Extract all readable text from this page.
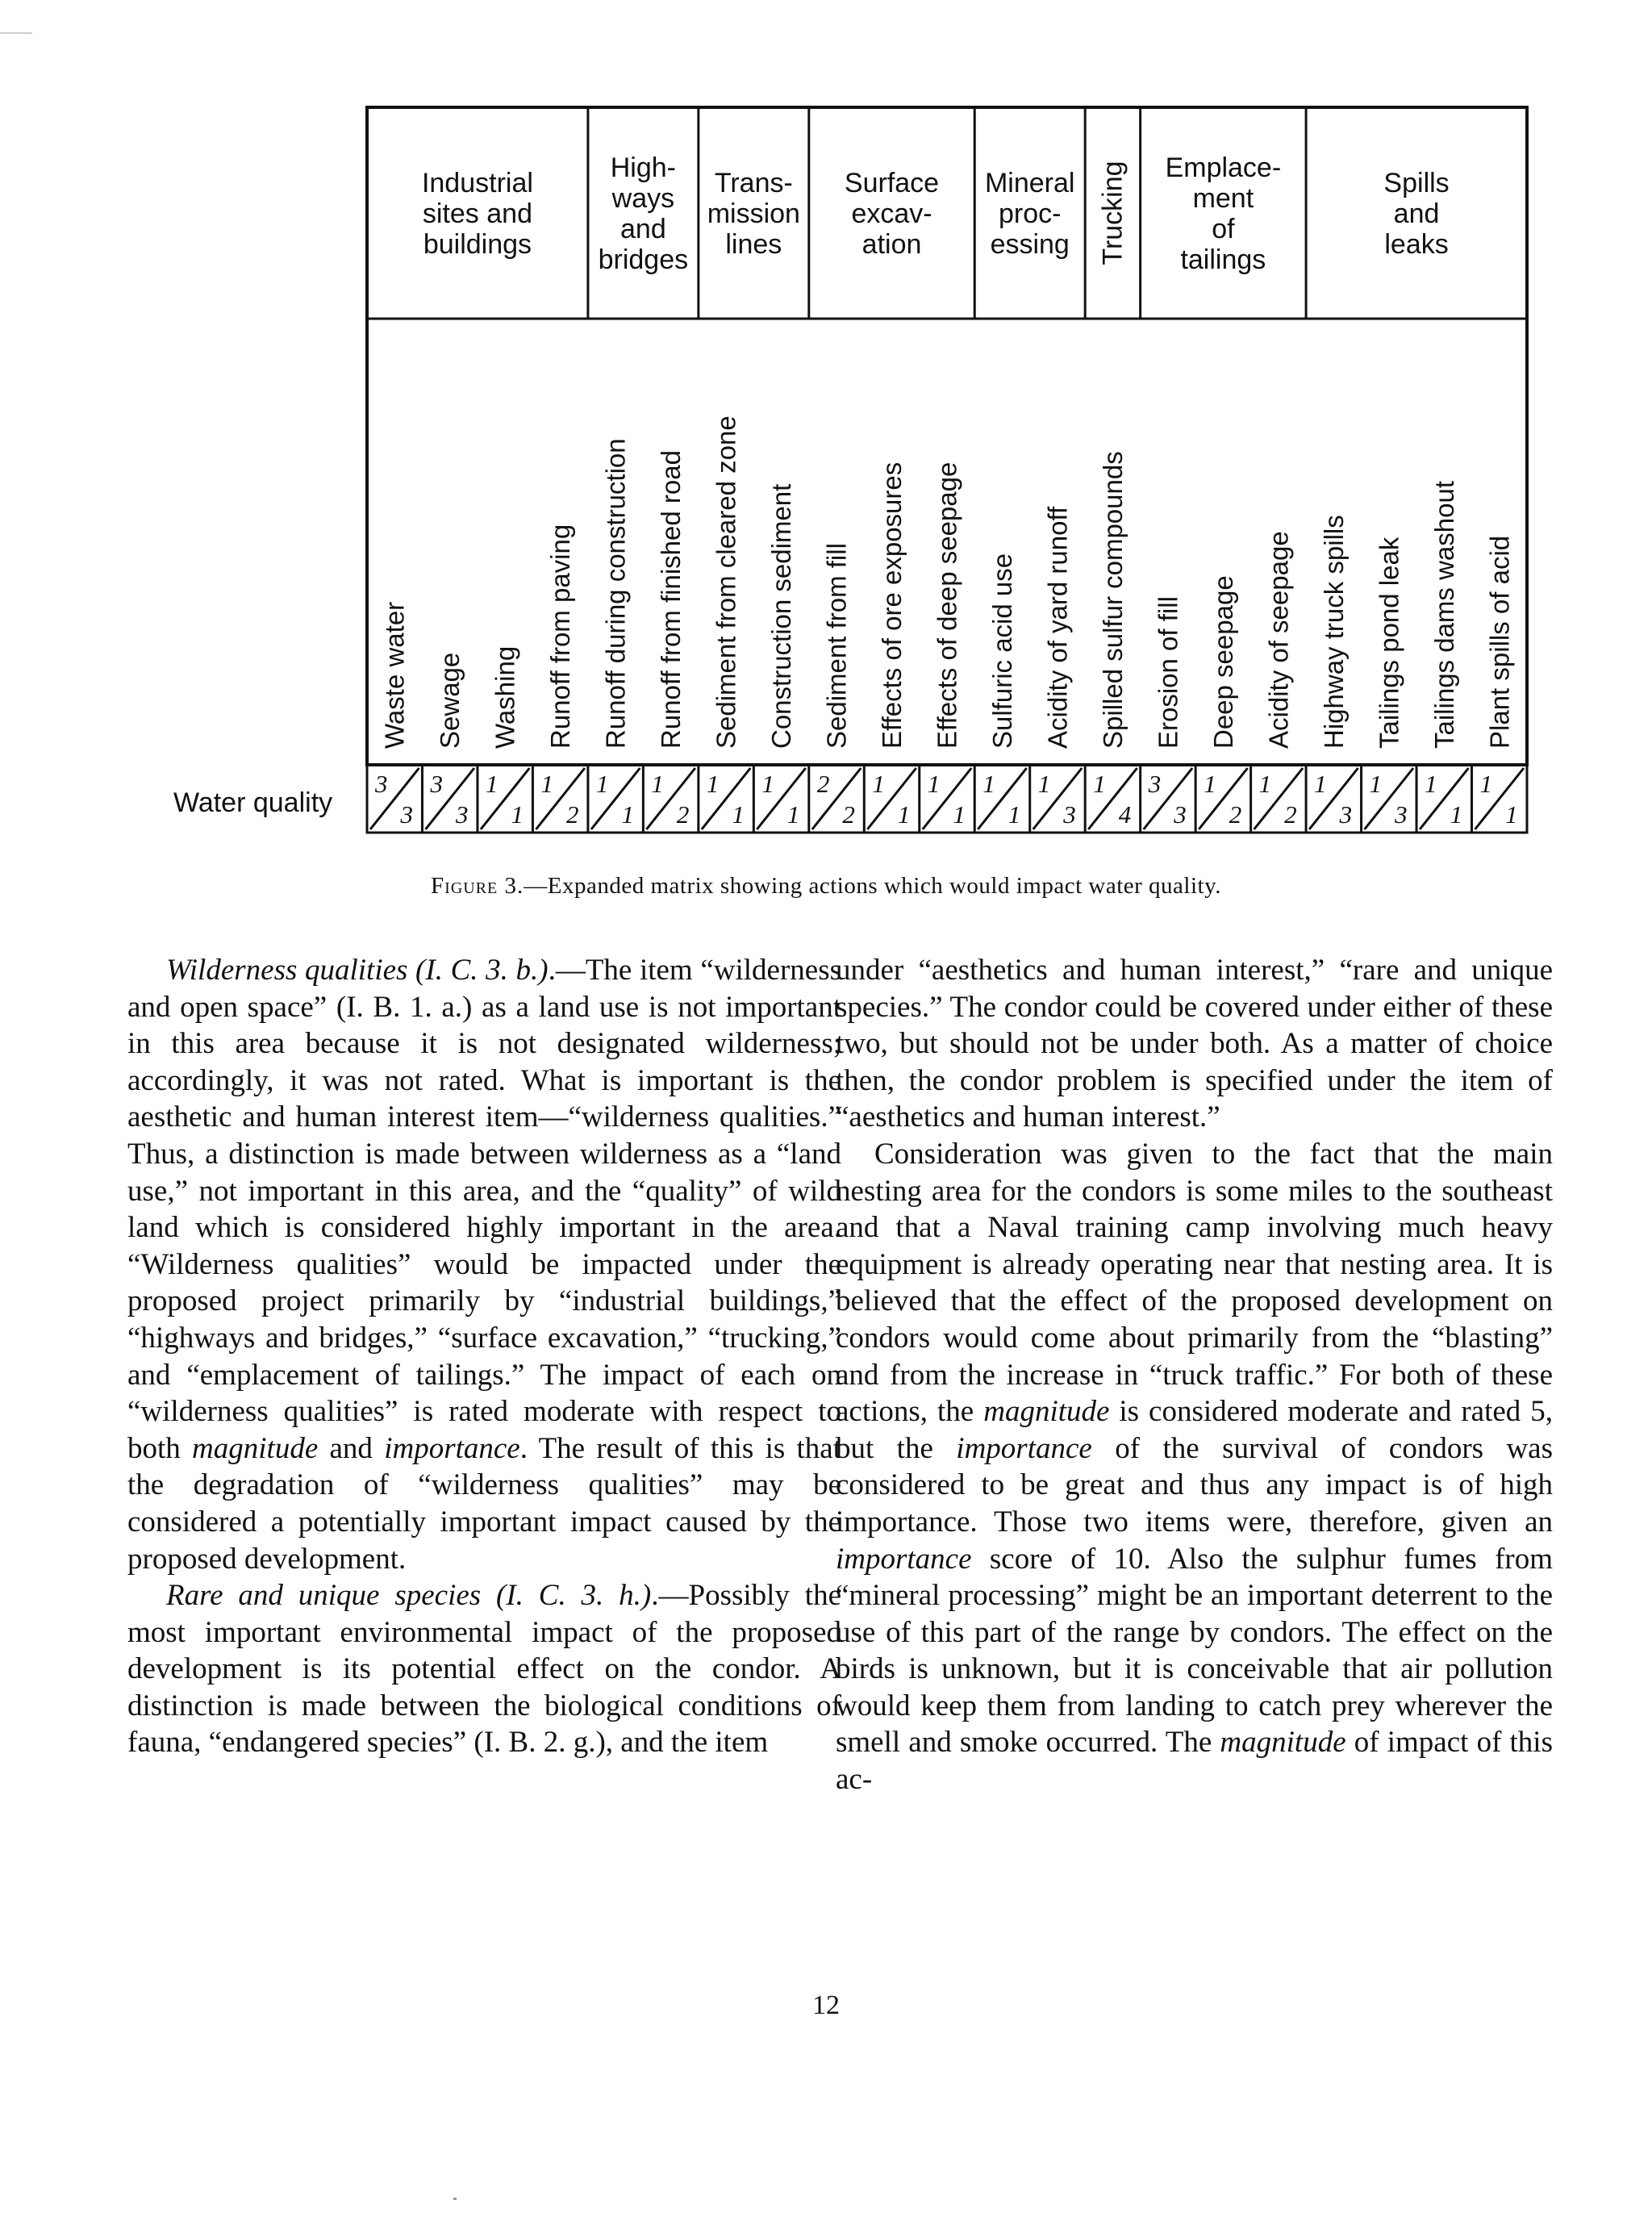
Industrial sites and buildings
High-ways and bridges
Trans-mission lines
Surface excav-ation
Mineral proc-essing Trucking Emplace-ment of tailings
Spills and leaks
Waste water Sewage Washing Runoff from paving Runoff during construction Runoff from finished road Sediment from cleared zone Construction sediment Sediment from fill Effects of ore exposures Effects of deep seepage Sulfuric acid use Acidity of yard runoff Spilled sulfur compounds Erosion of fill Deep seepage Acidity of seepage Highway truck spills Tailings pond leak Tailings dams washout Plant spills of acid
Water quality
3
3
3
3
1
1
1
2
1
1
1
2
1
1
1
1
2
2
1
1
1
1
1
1
1
3
1
4
3
3
1
2
1
2
1
3
1
3
1
1
1
1
Figure 3.—Expanded matrix showing actions which would impact water quality.

Wilderness qualities (I. C. 3. b.).—The item “wilderness and open space” (I. B. 1. a.) as a land use is not important in this area because it is not designated wilderness; accordingly, it was not rated. What is important is the aesthetic and human interest item—“wilderness qualities.” Thus, a distinction is made between wilderness as a “land use,” not important in this area, and the “quality” of wild land which is considered highly important in the area. “Wilderness qualities” would be impacted under the proposed project primarily by “industrial buildings,” “highways and bridges,” “surface excavation,” “trucking,” and “emplacement of tailings.” The impact of each on “wilderness qualities” is rated moderate with respect to both magnitude and importance. The result of this is that the degradation of “wilderness qualities” may be considered a potentially important impact caused by the proposed development.

Rare and unique species (I. C. 3. h.).—Possibly the most important environmental impact of the proposed development is its potential effect on the condor. A distinction is made between the biological conditions of fauna, “endangered species” (I. B. 2. g.), and the item

under “aesthetics and human interest,” “rare and unique species.” The condor could be covered under either of these two, but should not be under both. As a matter of choice then, the condor problem is specified under the item of “aesthetics and human interest.”

Consideration was given to the fact that the main nesting area for the condors is some miles to the southeast and that a Naval training camp involving much heavy equipment is already operating near that nesting area. It is believed that the effect of the proposed development on condors would come about primarily from the “blasting” and from the increase in “truck traffic.” For both of these actions, the magnitude is considered moderate and rated 5, but the importance of the survival of condors was considered to be great and thus any impact is of high importance. Those two items were, therefore, given an importance score of 10. Also the sulphur fumes from “mineral processing” might be an important deterrent to the use of this part of the range by condors. The effect on the birds is unknown, but it is conceivable that air pollution would keep them from landing to catch prey wherever the smell and smoke occurred. The magnitude of impact of this ac-

12
